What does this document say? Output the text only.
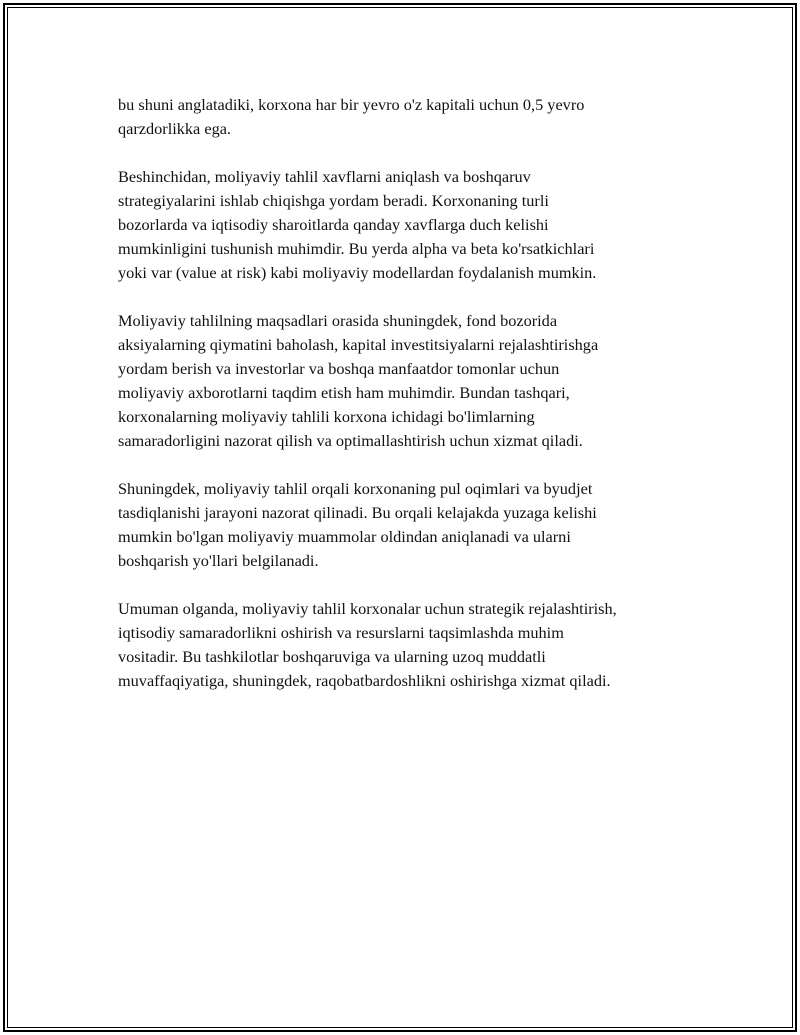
bu shuni anglatadiki, korxona har bir yevro o'z kapitali uchun 0,5 yevro
qarzdorlikka ega.

Beshinchidan, moliyaviy tahlil xavflarni aniqlash va boshqaruv
strategiyalarini ishlab chiqishga yordam beradi. Korxonaning turli
bozorlarda va iqtisodiy sharoitlarda qanday xavflarga duch kelishi
mumkinligini tushunish muhimdir. Bu yerda alpha va beta ko'rsatkichlari
yoki var (value at risk) kabi moliyaviy modellardan foydalanish mumkin.

Moliyaviy tahlilning maqsadlari orasida shuningdek, fond bozorida
aksiyalarning qiymatini baholash, kapital investitsiyalarni rejalashtirishga
yordam berish va investorlar va boshqa manfaatdor tomonlar uchun
moliyaviy axborotlarni taqdim etish ham muhimdir. Bundan tashqari,
korxonalarning moliyaviy tahlili korxona ichidagi bo'limlarning
samaradorligini nazorat qilish va optimallashtirish uchun xizmat qiladi.

Shuningdek, moliyaviy tahlil orqali korxonaning pul oqimlari va byudjet
tasdiqlanishi jarayoni nazorat qilinadi. Bu orqali kelajakda yuzaga kelishi
mumkin bo'lgan moliyaviy muammolar oldindan aniqlanadi va ularni
boshqarish yo'llari belgilanadi.

Umuman olganda, moliyaviy tahlil korxonalar uchun strategik rejalashtirish,
iqtisodiy samaradorlikni oshirish va resurslarni taqsimlashda muhim
vositadir. Bu tashkilotlar boshqaruviga va ularning uzoq muddatli
muvaffaqiyatiga, shuningdek, raqobatbardoshlikni oshirishga xizmat qiladi.
